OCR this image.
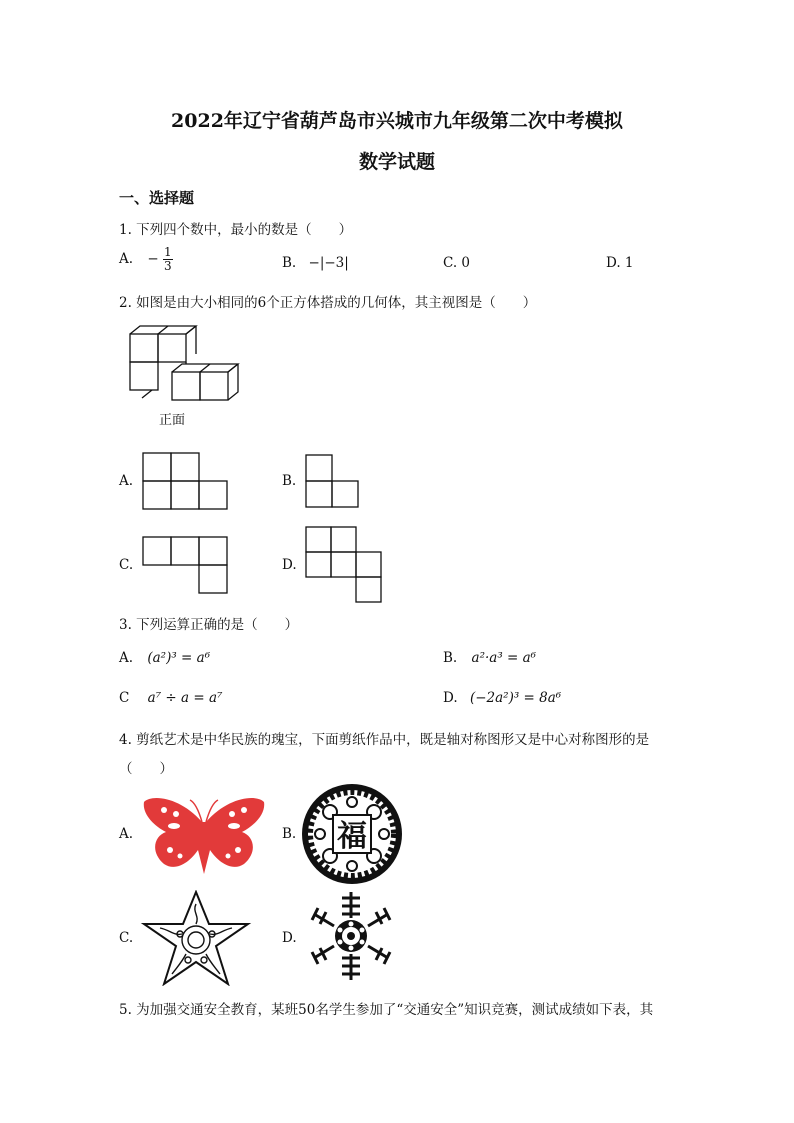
2022年辽宁省葫芦岛市兴城市九年级第二次中考模拟
数学试题
一、选择题
1. 下列四个数中，最小的数是（　　）
A. − $\frac{1}{3}$	B. −|−3|	C. 0	D. 1
2. 如图是由大小相同的6个正方体搭成的几何体，其主视图是（　　）
正面
A.	B.
C.	D.
3. 下列运算正确的是（　　）
A. (a²)³ = a⁶	B. a²·a³ = a⁶
C a⁷ ÷ a = a⁷	D. (−2a²)³ = 8a⁶
4. 剪纸艺术是中华民族的瑰宝，下面剪纸作品中，既是轴对称图形又是中心对称图形的是
（　　）
A.	B. 福
C.	D.
5. 为加强交通安全教育，某班50名学生参加了“交通安全”知识竞赛，测试成绩如下表，其
